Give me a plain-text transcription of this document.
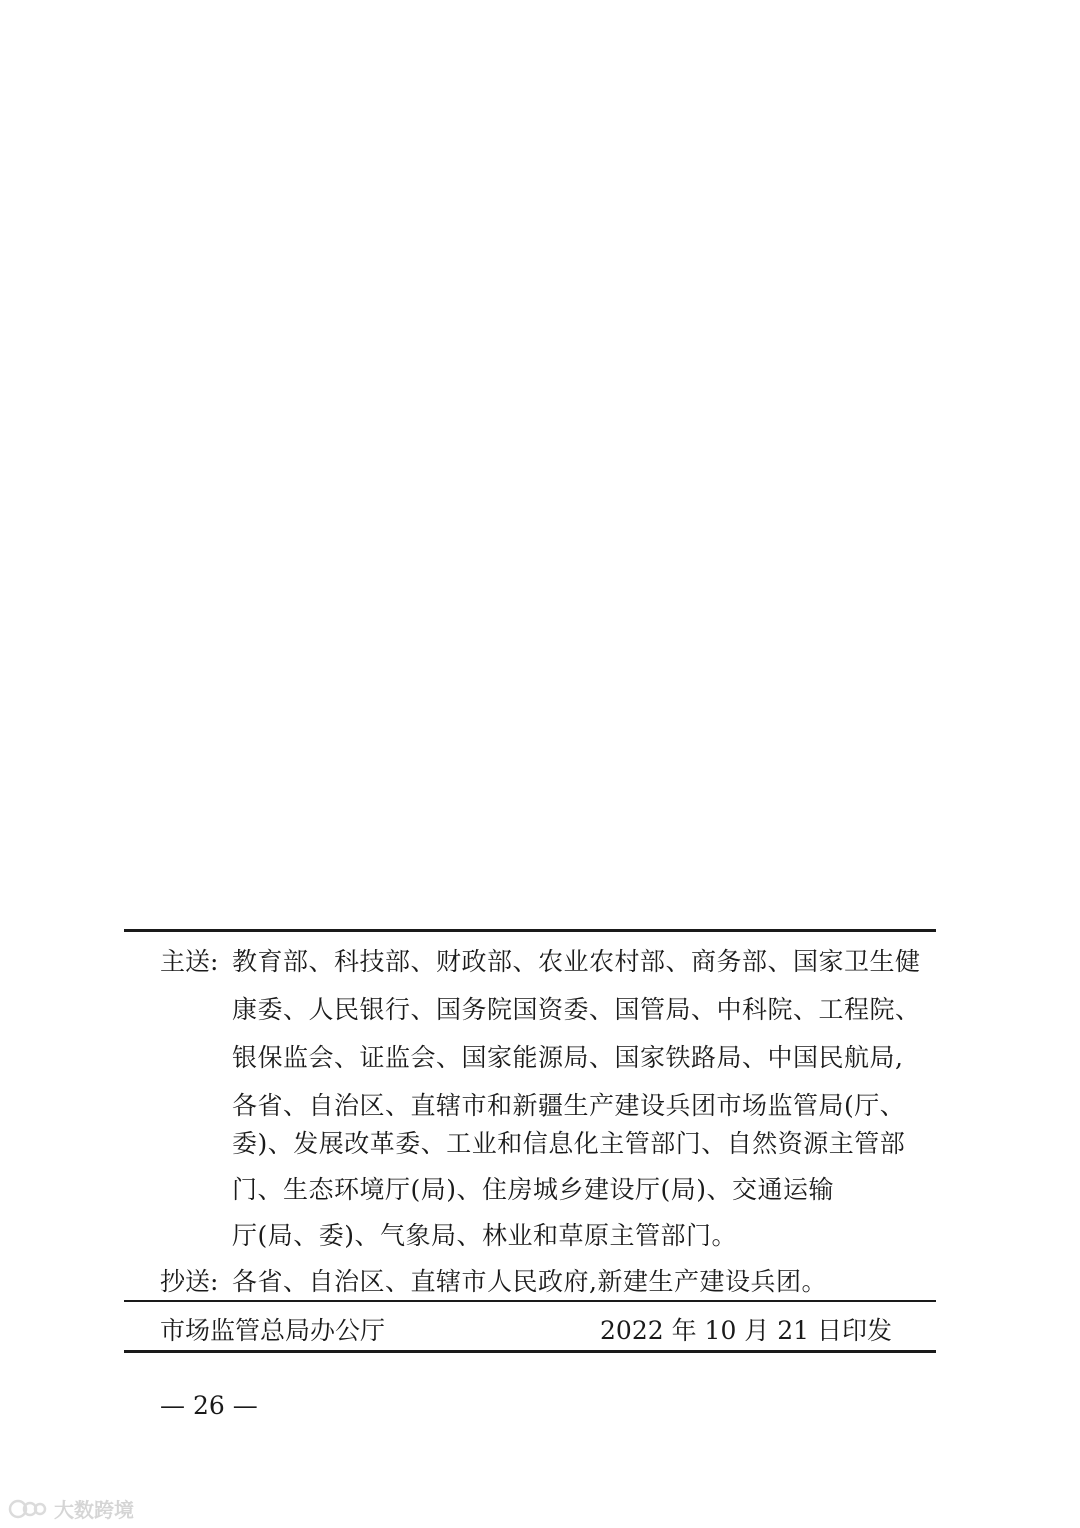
主送: 教育部、科技部、财政部、农业农村部、商务部、国家卫生健
康委、人民银行、国务院国资委、国管局、中科院、工程院、
银保监会、证监会、国家能源局、国家铁路局、中国民航局,
各省、自治区、直辖市和新疆生产建设兵团市场监管局(厅、
委)、发展改革委、工业和信息化主管部门、自然资源主管部
门、生态环境厅(局)、住房城乡建设厅(局)、交通运输
厅(局、委)、气象局、林业和草原主管部门。
抄送: 各省、自治区、直辖市人民政府,新建生产建设兵团。
市场监管总局办公厅	2022 年 10 月 21 日印发
— 26 —
大数跨境
